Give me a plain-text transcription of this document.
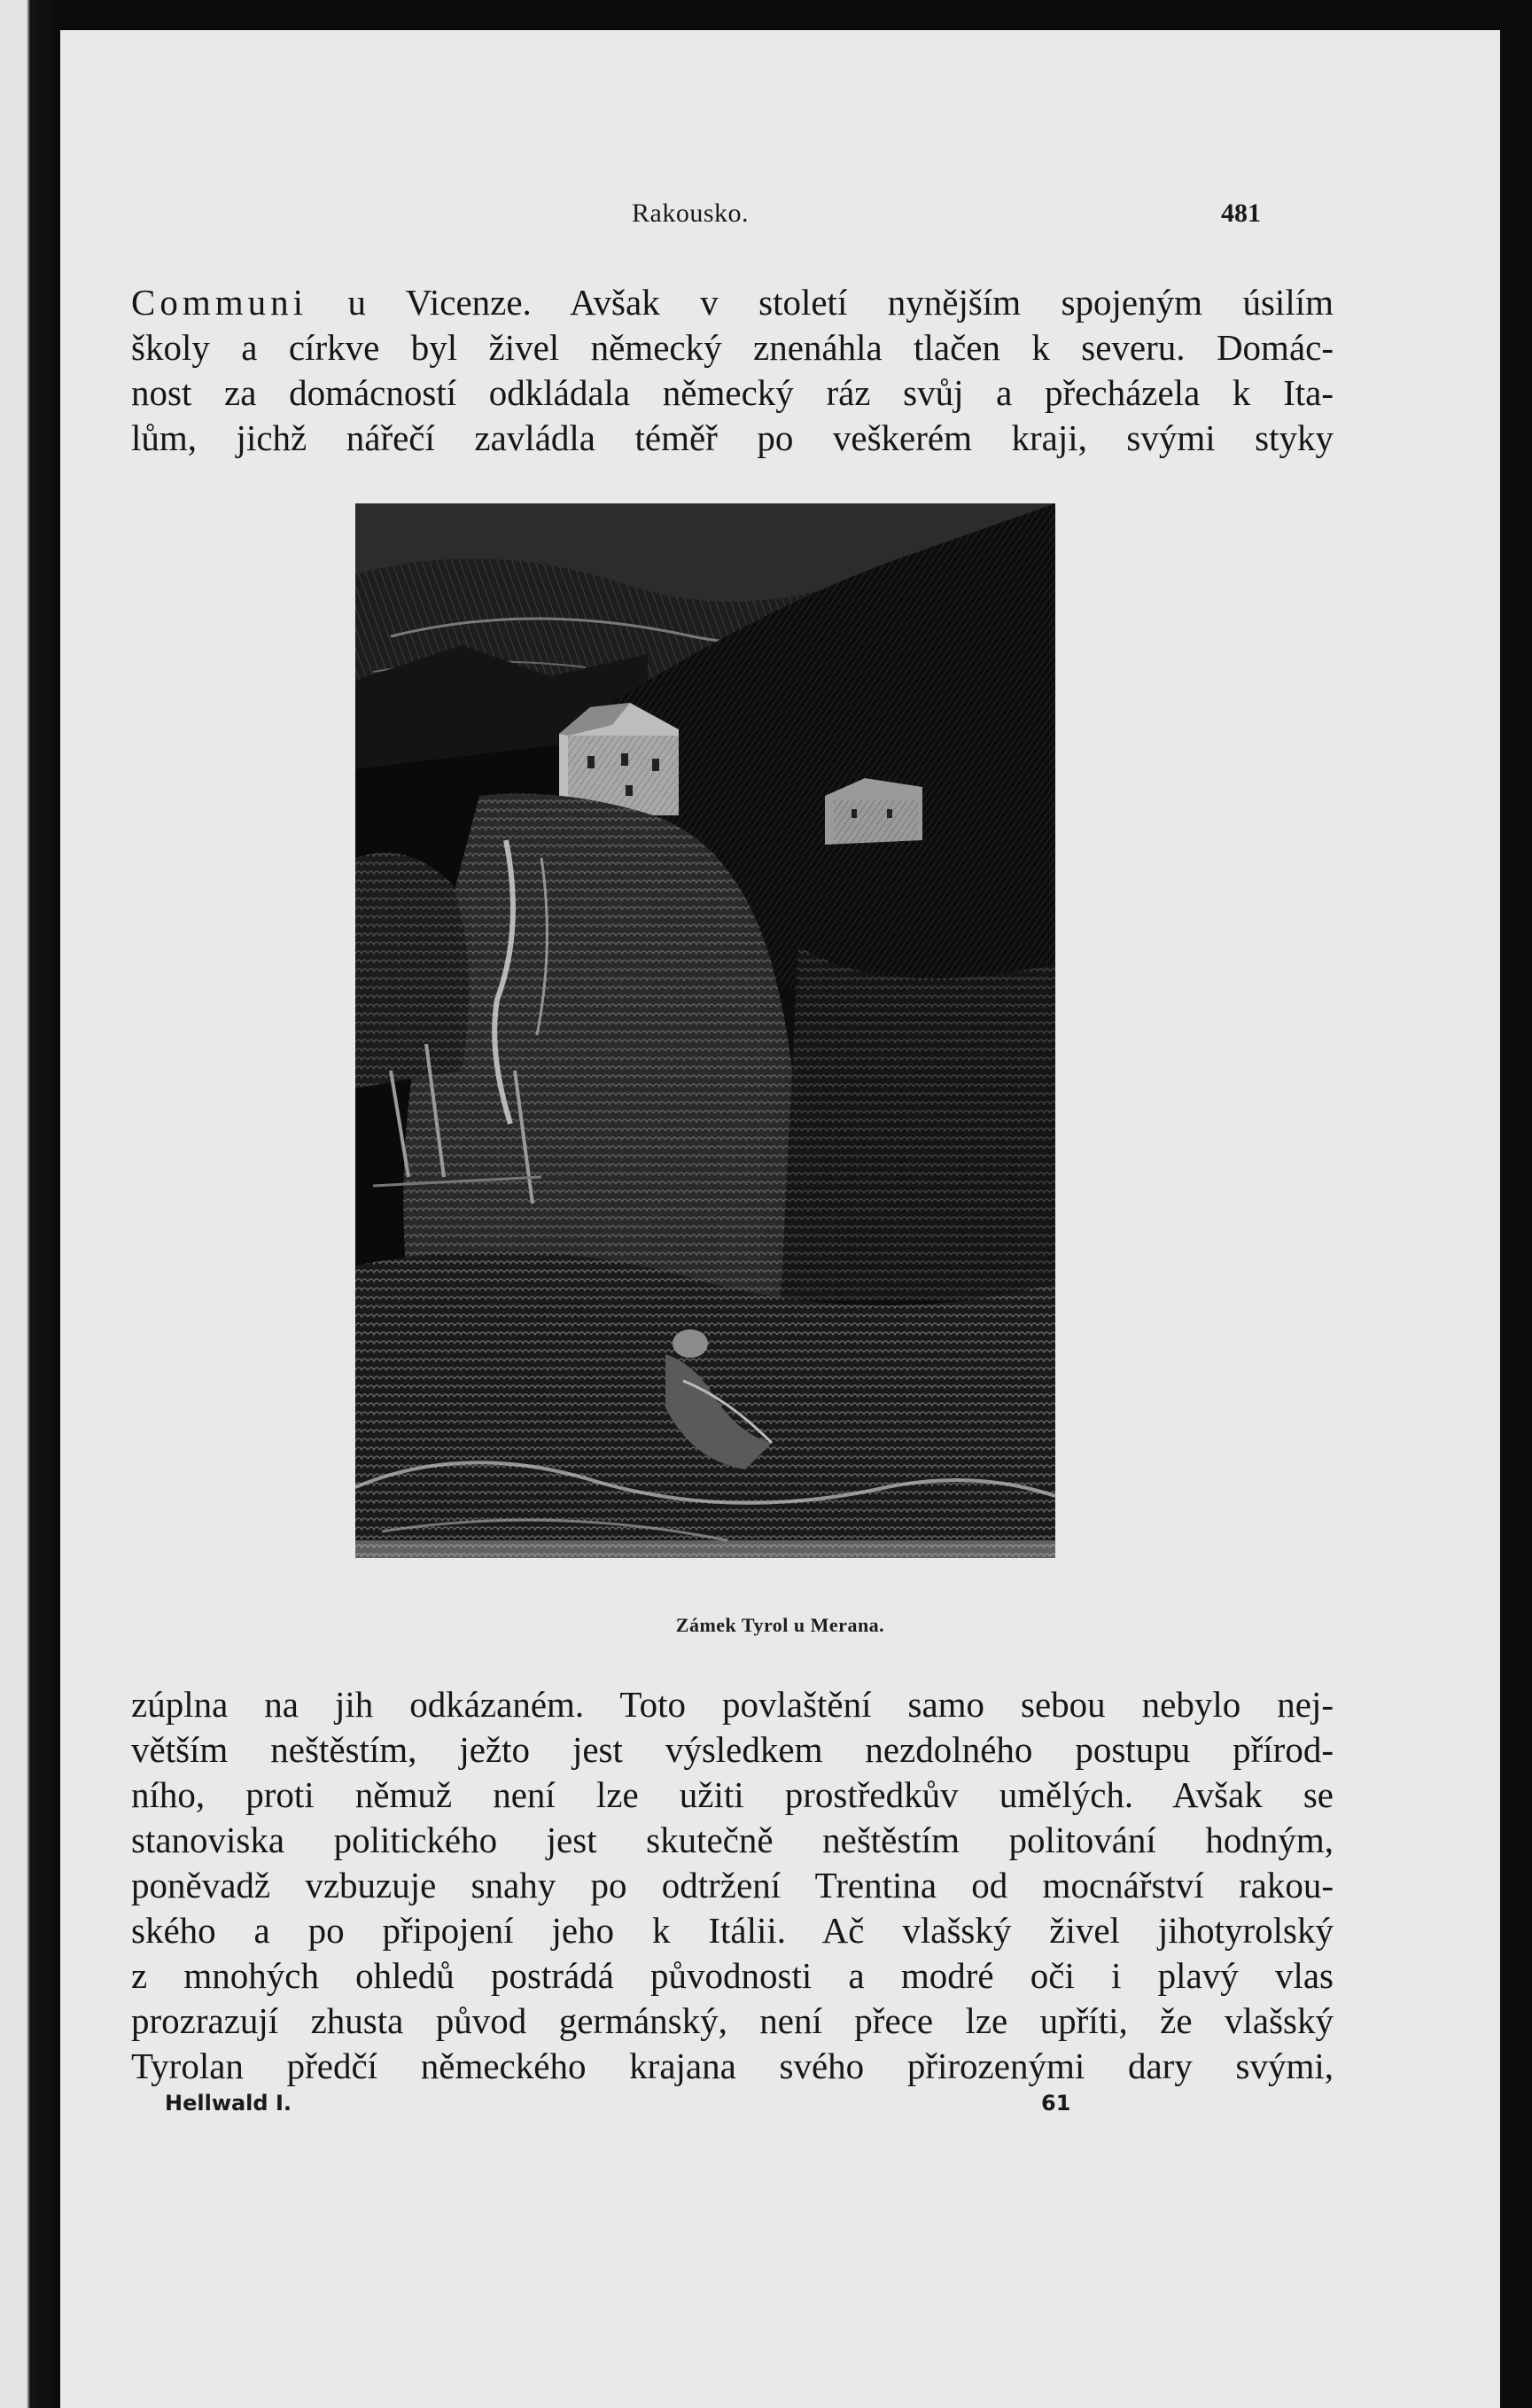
Rakousko.	481
Communi u Vicenze. Avšak v století nynějším spojeným úsilím
školy a církve byl živel německý znenáhla tlačen k severu. Domác-
nost za domácností odkládala německý ráz svůj a přecházela k Ita-
lům, jichž nářečí zavládla téměř po veškerém kraji, svými styky
Zámek Tyrol u Merana.
zúplna na jih odkázaném. Toto povlaštění samo sebou nebylo nej-
větším neštěstím, ježto jest výsledkem nezdolného postupu přírod-
ního, proti němuž není lze užiti prostředkův umělých. Avšak se
stanoviska politického jest skutečně neštěstím politování hodným,
poněvadž vzbuzuje snahy po odtržení Trentina od mocnářství rakou-
ského a po připojení jeho k Itálii. Ač vlašský živel jihotyrolský
z mnohých ohledů postrádá původnosti a modré oči i plavý vlas
prozrazují zhusta původ germánský, není přece lze upříti, že vlašský
Tyrolan předčí německého krajana svého přirozenými dary svými,
Hellwald I.	61
